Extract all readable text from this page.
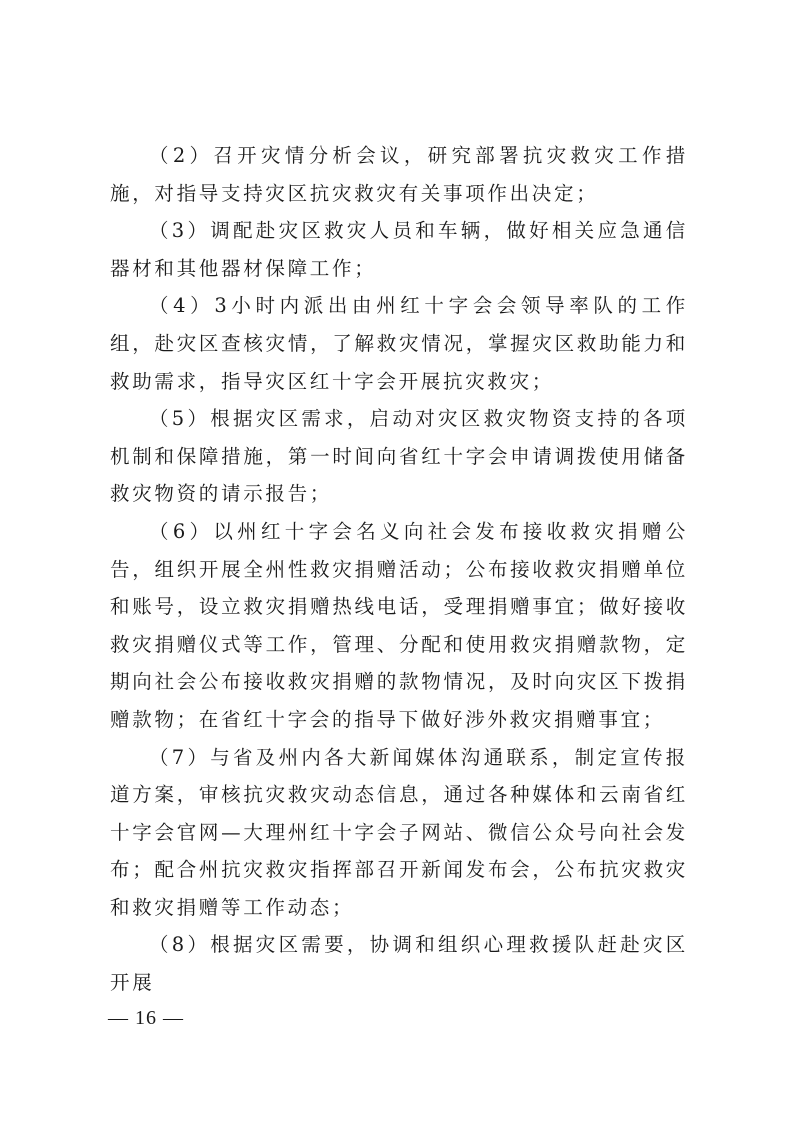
（2）召开灾情分析会议，研究部署抗灾救灾工作措施，对指导支持灾区抗灾救灾有关事项作出决定；

（3）调配赴灾区救灾人员和车辆，做好相关应急通信器材和其他器材保障工作；

（4）3小时内派出由州红十字会会领导率队的工作组，赴灾区查核灾情，了解救灾情况，掌握灾区救助能力和救助需求，指导灾区红十字会开展抗灾救灾；

（5）根据灾区需求，启动对灾区救灾物资支持的各项机制和保障措施，第一时间向省红十字会申请调拨使用储备救灾物资的请示报告；

（6）以州红十字会名义向社会发布接收救灾捐赠公告，组织开展全州性救灾捐赠活动；公布接收救灾捐赠单位和账号，设立救灾捐赠热线电话，受理捐赠事宜；做好接收救灾捐赠仪式等工作，管理、分配和使用救灾捐赠款物，定期向社会公布接收救灾捐赠的款物情况，及时向灾区下拨捐赠款物；在省红十字会的指导下做好涉外救灾捐赠事宜；

（7）与省及州内各大新闻媒体沟通联系，制定宣传报道方案，审核抗灾救灾动态信息，通过各种媒体和云南省红十字会官网—大理州红十字会子网站、微信公众号向社会发布；配合州抗灾救灾指挥部召开新闻发布会，公布抗灾救灾和救灾捐赠等工作动态；

（8）根据灾区需要，协调和组织心理救援队赶赴灾区开展

— 16 —
